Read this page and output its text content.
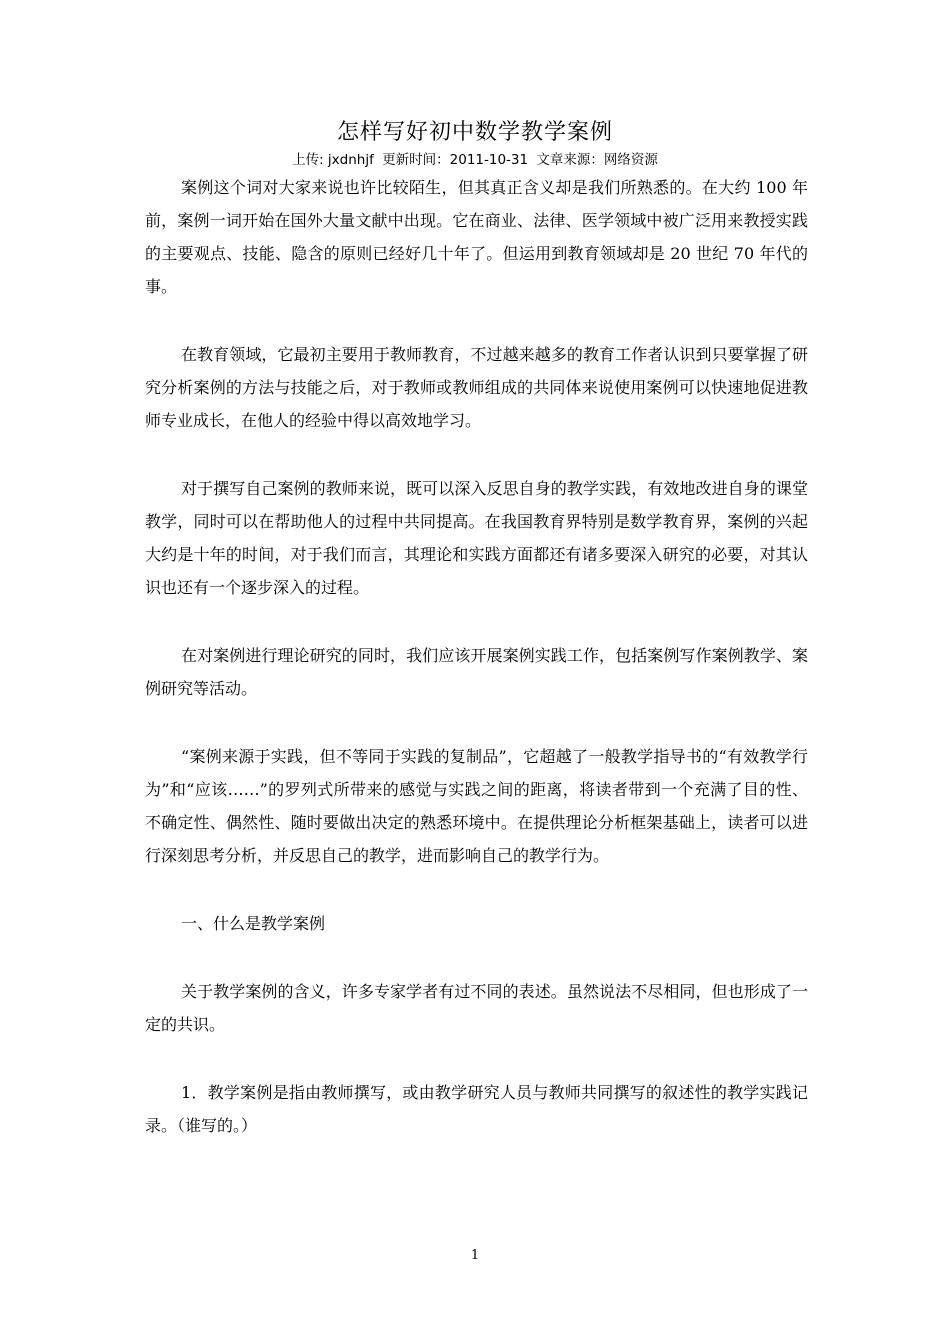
怎样写好初中数学教学案例
上传: jxdnhjf 更新时间：2011-10-31 文章来源：网络资源

案例这个词对大家来说也许比较陌生，但其真正含义却是我们所熟悉的。在大约 100 年前，案例一词开始在国外大量文献中出现。它在商业、法律、医学领域中被广泛用来教授实践的主要观点、技能、隐含的原则已经好几十年了。但运用到教育领域却是 20 世纪 70 年代的事。

在教育领域，它最初主要用于教师教育，不过越来越多的教育工作者认识到只要掌握了研究分析案例的方法与技能之后，对于教师或教师组成的共同体来说使用案例可以快速地促进教师专业成长，在他人的经验中得以高效地学习。

对于撰写自己案例的教师来说，既可以深入反思自身的教学实践，有效地改进自身的课堂教学，同时可以在帮助他人的过程中共同提高。在我国教育界特别是数学教育界，案例的兴起大约是十年的时间，对于我们而言，其理论和实践方面都还有诸多要深入研究的必要，对其认识也还有一个逐步深入的过程。

在对案例进行理论研究的同时，我们应该开展案例实践工作，包括案例写作案例教学、案例研究等活动。

“案例来源于实践，但不等同于实践的复制品”，它超越了一般教学指导书的“有效教学行为”和“应该……”的罗列式所带来的感觉与实践之间的距离，将读者带到一个充满了目的性、不确定性、偶然性、随时要做出决定的熟悉环境中。在提供理论分析框架基础上，读者可以进行深刻思考分析，并反思自己的教学，进而影响自己的教学行为。

一、什么是教学案例

关于教学案例的含义，许多专家学者有过不同的表述。虽然说法不尽相同，但也形成了一定的共识。

1．教学案例是指由教师撰写，或由教学研究人员与教师共同撰写的叙述性的教学实践记录。（谁写的。）

1
